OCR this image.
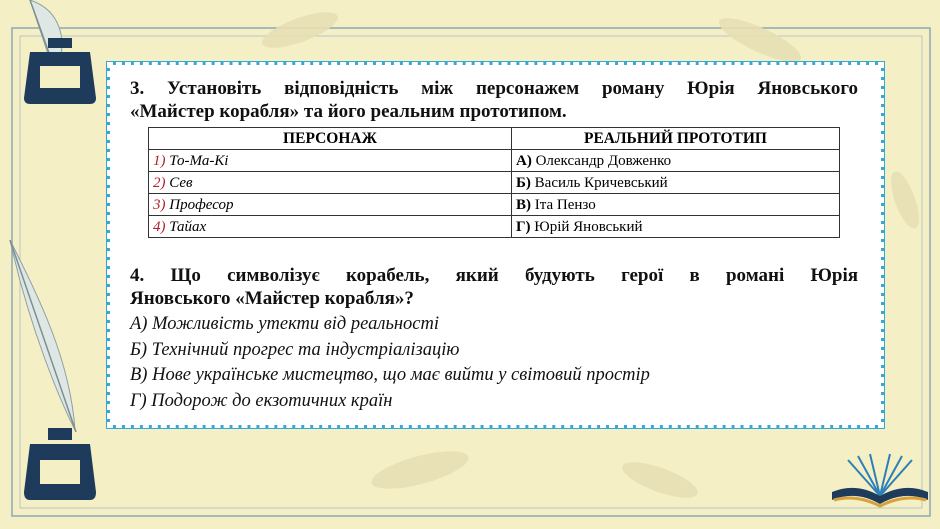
3. Установіть відповідність між персонажем роману Юрія Яновського
«Майстер корабля» та його реальним прототипом.

ПЕРСОНАЖ	РЕАЛЬНИЙ ПРОТОТИП
1) То-Ма-Кі	А) Олександр Довженко
2) Сев	Б) Василь Кричевський
3) Професор	В) Іта Пензо
4) Тайах	Г) Юрій Яновський

4. Що символізує корабель, який будують герої в романі Юрія
Яновського «Майстер корабля»?

А) Можливість утекти від реальності
Б) Технічний прогрес та індустріалізацію
В) Нове українське мистецтво, що має вийти у світовий простір
Г) Подорож до екзотичних країн
